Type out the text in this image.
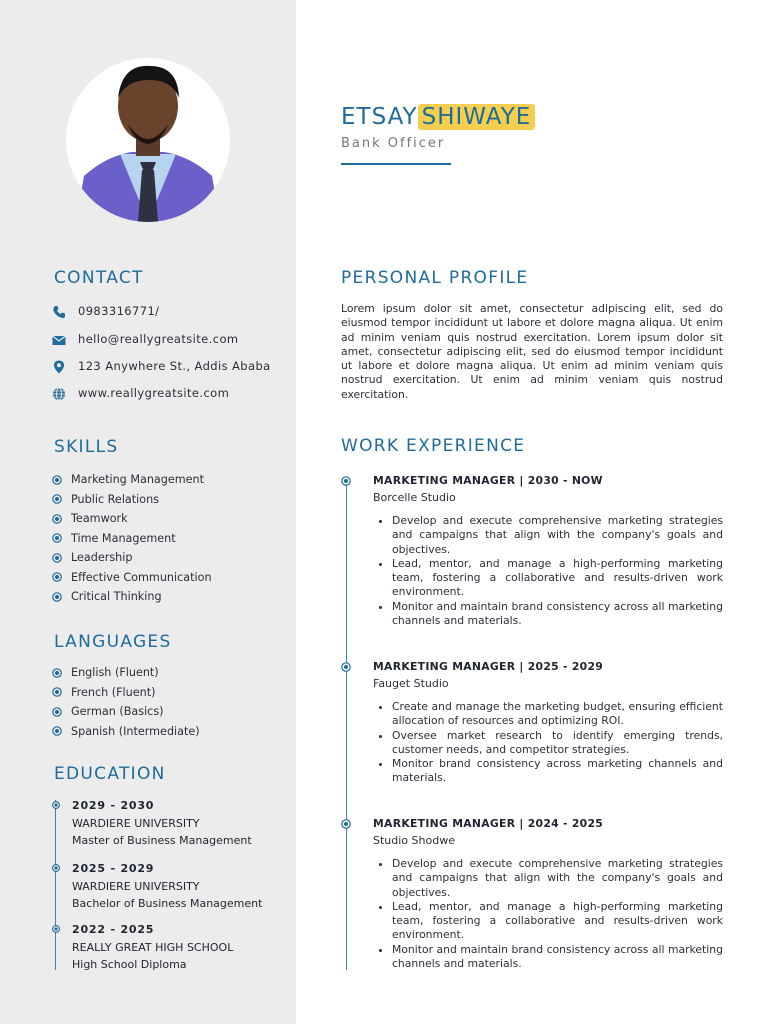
CONTACT
0983316771/
hello@reallygreatsite.com
123 Anywhere St., Addis Ababa
www.reallygreatsite.com
SKILLS
Marketing Management
Public Relations
Teamwork
Time Management
Leadership
Effective Communication
Critical Thinking
LANGUAGES
English (Fluent)
French (Fluent)
German (Basics)
Spanish (Intermediate)
EDUCATION
2029 - 2030
WARDIERE UNIVERSITY
Master of Business Management
2025 - 2029
WARDIERE UNIVERSITY
Bachelor of Business Management
2022 - 2025
REALLY GREAT HIGH SCHOOL
High School Diploma
ETSAY SHIWAYE
Bank Officer
PERSONAL PROFILE

Lorem ipsum dolor sit amet, consectetur adipiscing elit, sed do eiusmod tempor incididunt ut labore et dolore magna aliqua. Ut enim ad minim veniam quis nostrud exercitation. Lorem ipsum dolor sit amet, consectetur adipiscing elit, sed do eiusmod tempor incididunt ut labore et dolore magna aliqua. Ut enim ad minim veniam quis nostrud exercitation. Ut enim ad minim veniam quis nostrud exercitation.

WORK EXPERIENCE
MARKETING MANAGER | 2030 - NOW
Borcelle Studio
• Develop and execute comprehensive marketing strategies and campaigns that align with the company's goals and objectives.
• Lead, mentor, and manage a high-performing marketing team, fostering a collaborative and results-driven work environment.
• Monitor and maintain brand consistency across all marketing channels and materials.
MARKETING MANAGER | 2025 - 2029
Fauget Studio
• Create and manage the marketing budget, ensuring efficient allocation of resources and optimizing ROI.
• Oversee market research to identify emerging trends, customer needs, and competitor strategies.
• Monitor brand consistency across marketing channels and materials.
MARKETING MANAGER | 2024 - 2025
Studio Shodwe
• Develop and execute comprehensive marketing strategies and campaigns that align with the company's goals and objectives.
• Lead, mentor, and manage a high-performing marketing team, fostering a collaborative and results-driven work environment.
• Monitor and maintain brand consistency across all marketing channels and materials.
